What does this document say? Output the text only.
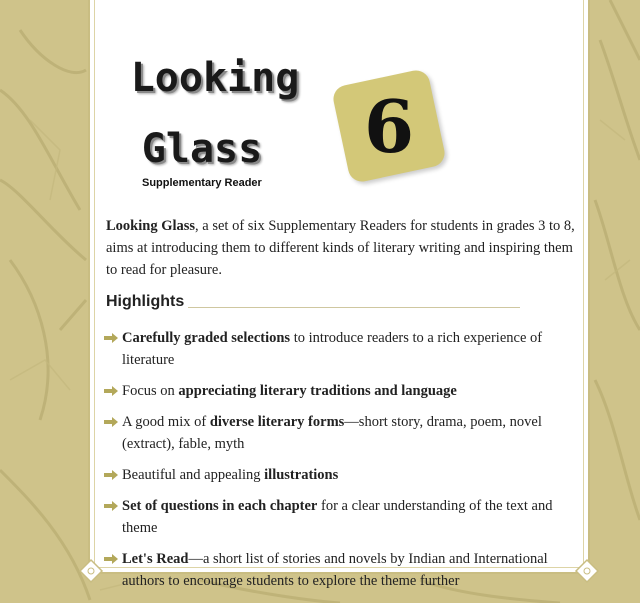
Looking
Glass
Supplementary Reader
6
Looking Glass, a set of six Supplementary Readers for students in grades 3 to 8, aims at introducing them to different kinds of literary writing and inspiring them to read for pleasure.
Highlights
Carefully graded selections to introduce readers to a rich experience of literature
Focus on appreciating literary traditions and language
A good mix of diverse literary forms—short story, drama, poem, novel (extract), fable, myth
Beautiful and appealing illustrations
Set of questions in each chapter for a clear understanding of the text and theme
Let's Read—a short list of stories and novels by Indian and International authors to encourage students to explore the theme further
